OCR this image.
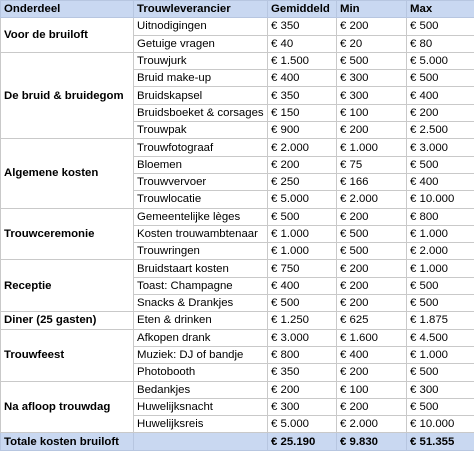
Onderdeel	Trouwleverancier	Gemiddeld	Min	Max
Voor de bruiloft	Uitnodigingen	€ 350	€ 200	€ 500
	Getuige vragen	€ 40	€ 20	€ 80
De bruid & bruidegom	Trouwjurk	€ 1.500	€ 500	€ 5.000
	Bruid make-up	€ 400	€ 300	€ 500
	Bruidskapsel	€ 350	€ 300	€ 400
	Bruidsboeket & corsages	€ 150	€ 100	€ 200
	Trouwpak	€ 900	€ 200	€ 2.500
Algemene kosten	Trouwfotograaf	€ 2.000	€ 1.000	€ 3.000
	Bloemen	€ 200	€ 75	€ 500
	Trouwvervoer	€ 250	€ 166	€ 400
	Trouwlocatie	€ 5.000	€ 2.000	€ 10.000
Trouwceremonie	Gemeentelijke lèges	€ 500	€ 200	€ 800
	Kosten trouwambtenaar	€ 1.000	€ 500	€ 1.000
	Trouwringen	€ 1.000	€ 500	€ 2.000
Receptie	Bruidstaart kosten	€ 750	€ 200	€ 1.000
	Toast: Champagne	€ 400	€ 200	€ 500
	Snacks & Drankjes	€ 500	€ 200	€ 500
Diner (25 gasten)	Eten & drinken	€ 1.250	€ 625	€ 1.875
Trouwfeest	Afkopen drank	€ 3.000	€ 1.600	€ 4.500
	Muziek: DJ of bandje	€ 800	€ 400	€ 1.000
	Photobooth	€ 350	€ 200	€ 500
Na afloop trouwdag	Bedankjes	€ 200	€ 100	€ 300
	Huwelijksnacht	€ 300	€ 200	€ 500
	Huwelijksreis	€ 5.000	€ 2.000	€ 10.000
Totale kosten bruiloft		€ 25.190	€ 9.830	€ 51.355
